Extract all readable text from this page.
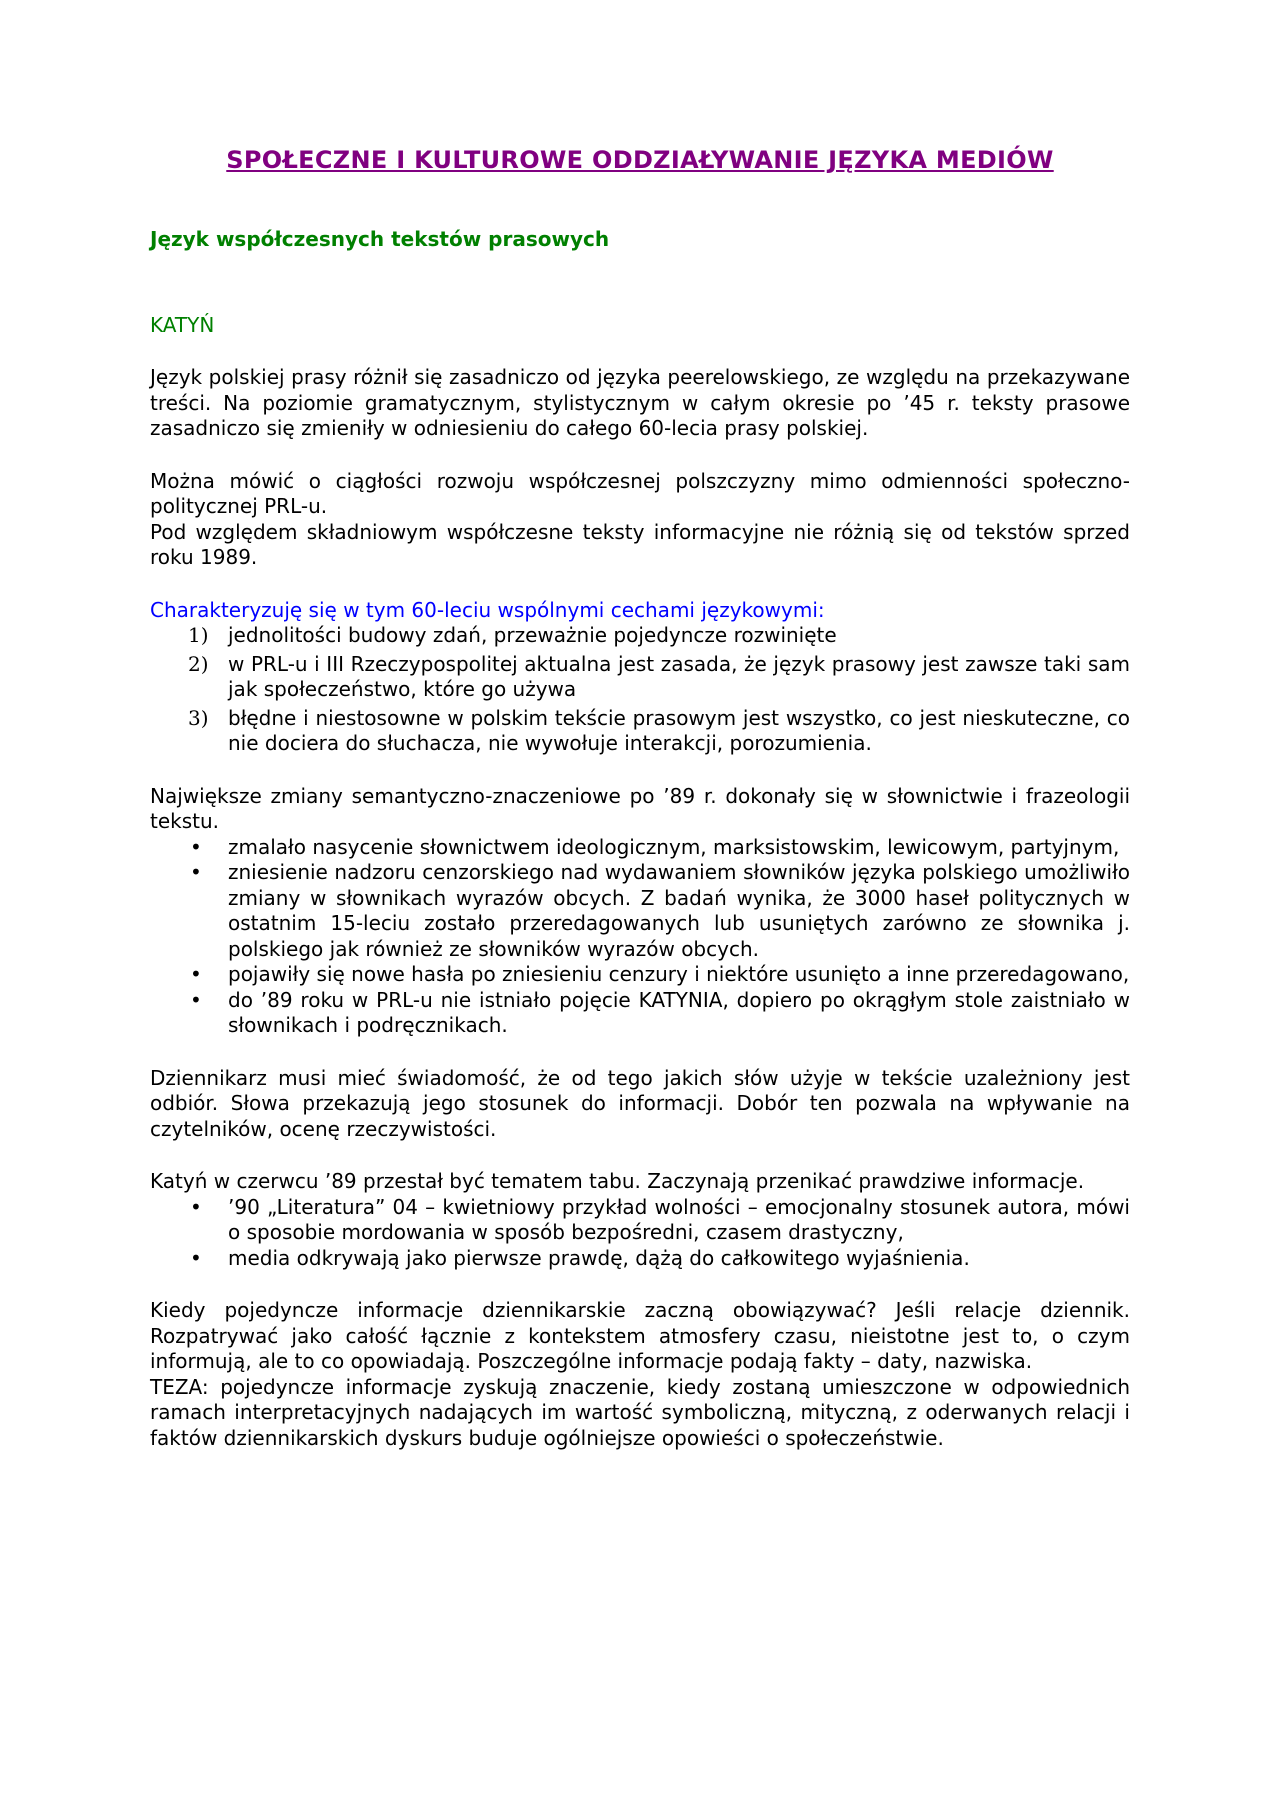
SPOŁECZNE I KULTUROWE ODDZIAŁYWANIE JĘZYKA MEDIÓW
Język współczesnych tekstów prasowych
KATYŃ

Język polskiej prasy różnił się zasadniczo od języka peerelowskiego, ze względu na przekazywane treści. Na poziomie gramatycznym, stylistycznym w całym okresie po ’45 r. teksty prasowe zasadniczo się zmieniły w odniesieniu do całego 60-lecia prasy polskiej.

Można mówić o ciągłości rozwoju współczesnej polszczyzny mimo odmienności społeczno-politycznej PRL-u.

Pod względem składniowym współczesne teksty informacyjne nie różnią się od tekstów sprzed roku 1989.

Charakteryzuję się w tym 60-leciu wspólnymi cechami językowymi:

1) jednolitości budowy zdań, przeważnie pojedyncze rozwinięte
2) w PRL-u i III Rzeczypospolitej aktualna jest zasada, że język prasowy jest zawsze taki sam jak społeczeństwo, które go używa
3) błędne i niestosowne w polskim tekście prasowym jest wszystko, co jest nieskuteczne, co nie dociera do słuchacza, nie wywołuje interakcji, porozumienia.

Największe zmiany semantyczno-znaczeniowe po ’89 r. dokonały się w słownictwie i frazeologii tekstu.

• zmalało nasycenie słownictwem ideologicznym, marksistowskim, lewicowym, partyjnym,
• zniesienie nadzoru cenzorskiego nad wydawaniem słowników języka polskiego umożliwiło zmiany w słownikach wyrazów obcych. Z badań wynika, że 3000 haseł politycznych w ostatnim 15-leciu zostało przeredagowanych lub usuniętych zarówno ze słownika j. polskiego jak również ze słowników wyrazów obcych.
• pojawiły się nowe hasła po zniesieniu cenzury i niektóre usunięto a inne przeredagowano,
• do ’89 roku w PRL-u nie istniało pojęcie KATYNIA, dopiero po okrągłym stole zaistniało w słownikach i podręcznikach.

Dziennikarz musi mieć świadomość, że od tego jakich słów użyje w tekście uzależniony jest odbiór. Słowa przekazują jego stosunek do informacji. Dobór ten pozwala na wpływanie na czytelników, ocenę rzeczywistości.

Katyń w czerwcu ’89 przestał być tematem tabu. Zaczynają przenikać prawdziwe informacje.

• ’90 „Literatura” 04 – kwietniowy przykład wolności – emocjonalny stosunek autora, mówi o sposobie mordowania w sposób bezpośredni, czasem drastyczny,
• media odkrywają jako pierwsze prawdę, dążą do całkowitego wyjaśnienia.

Kiedy pojedyncze informacje dziennikarskie zaczną obowiązywać? Jeśli relacje dziennik. Rozpatrywać jako całość łącznie z kontekstem atmosfery czasu, nieistotne jest to, o czym informują, ale to co opowiadają. Poszczególne informacje podają fakty – daty, nazwiska.

TEZA: pojedyncze informacje zyskują znaczenie, kiedy zostaną umieszczone w odpowiednich ramach interpretacyjnych nadających im wartość symboliczną, mityczną, z oderwanych relacji i faktów dziennikarskich dyskurs buduje ogólniejsze opowieści o społeczeństwie.
